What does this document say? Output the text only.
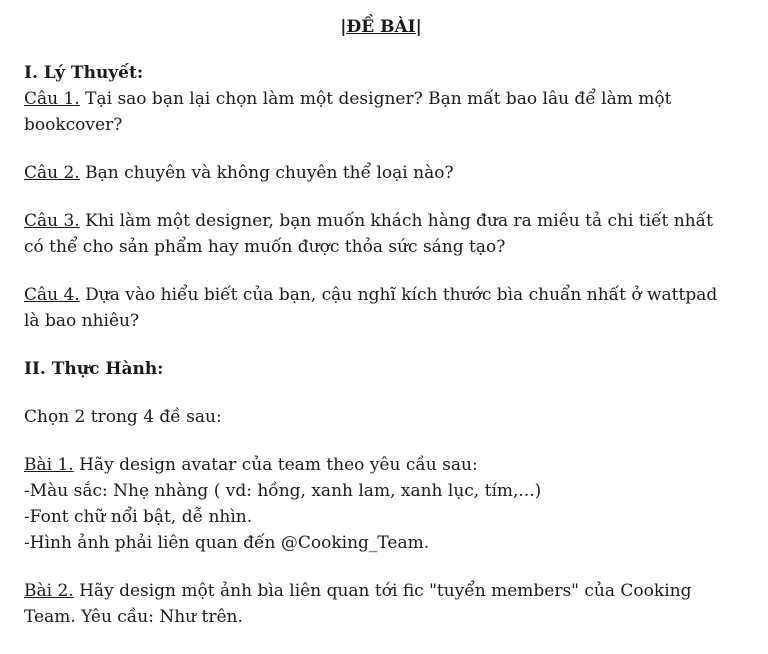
|ĐỀ BÀI|
I. Lý Thuyết:

Câu 1. Tại sao bạn lại chọn làm một designer? Bạn mất bao lâu để làm một bookcover?

Câu 2. Bạn chuyên và không chuyên thể loại nào?

Câu 3. Khi làm một designer, bạn muốn khách hàng đưa ra miêu tả chi tiết nhất có thể cho sản phẩm hay muốn được thỏa sức sáng tạo?

Câu 4. Dựa vào hiểu biết của bạn, cậu nghĩ kích thước bìa chuẩn nhất ở wattpad là bao nhiêu?

II. Thực Hành:

Chọn 2 trong 4 đề sau:

Bài 1. Hãy design avatar của team theo yêu cầu sau:
-Màu sắc: Nhẹ nhàng ( vd: hồng, xanh lam, xanh lục, tím,...)
-Font chữ nổi bật, dễ nhìn.
-Hình ảnh phải liên quan đến @Cooking_Team.

Bài 2. Hãy design một ảnh bìa liên quan tới fic "tuyển members" của Cooking Team. Yêu cầu: Như trên.
